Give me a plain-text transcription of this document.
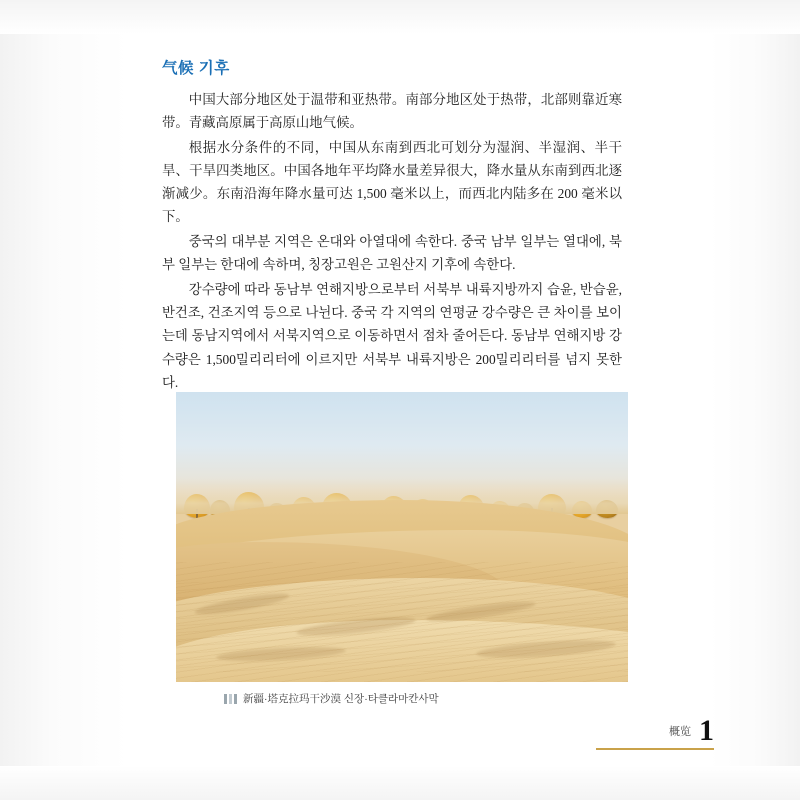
气候 기후

中国大部分地区处于温带和亚热带。南部分地区处于热带，北部则靠近寒带。青藏高原属于高原山地气候。

根据水分条件的不同，中国从东南到西北可划分为湿润、半湿润、半干旱、干旱四类地区。中国各地年平均降水量差异很大，降水量从东南到西北逐渐减少。东南沿海年降水量可达 1,500 毫米以上，而西北内陆多在 200 毫米以下。

중국의 대부분 지역은 온대와 아열대에 속한다. 중국 남부 일부는 열대에, 북부 일부는 한대에 속하며, 칭장고원은 고원산지 기후에 속한다.

강수량에 따라 동남부 연해지방으로부터 서북부 내륙지방까지 습윤, 반습윤, 반건조, 건조지역 등으로 나뉜다. 중국 각 지역의 연평균 강수량은 큰 차이를 보이는데 동남지역에서 서북지역으로 이동하면서 점차 줄어든다. 동남부 연해지방 강수량은 1,500밀리리터에 이르지만 서북부 내륙지방은 200밀리리터를 넘지 못한다.

新疆·塔克拉玛干沙漠 신장·타클라마칸사막
概览 1
